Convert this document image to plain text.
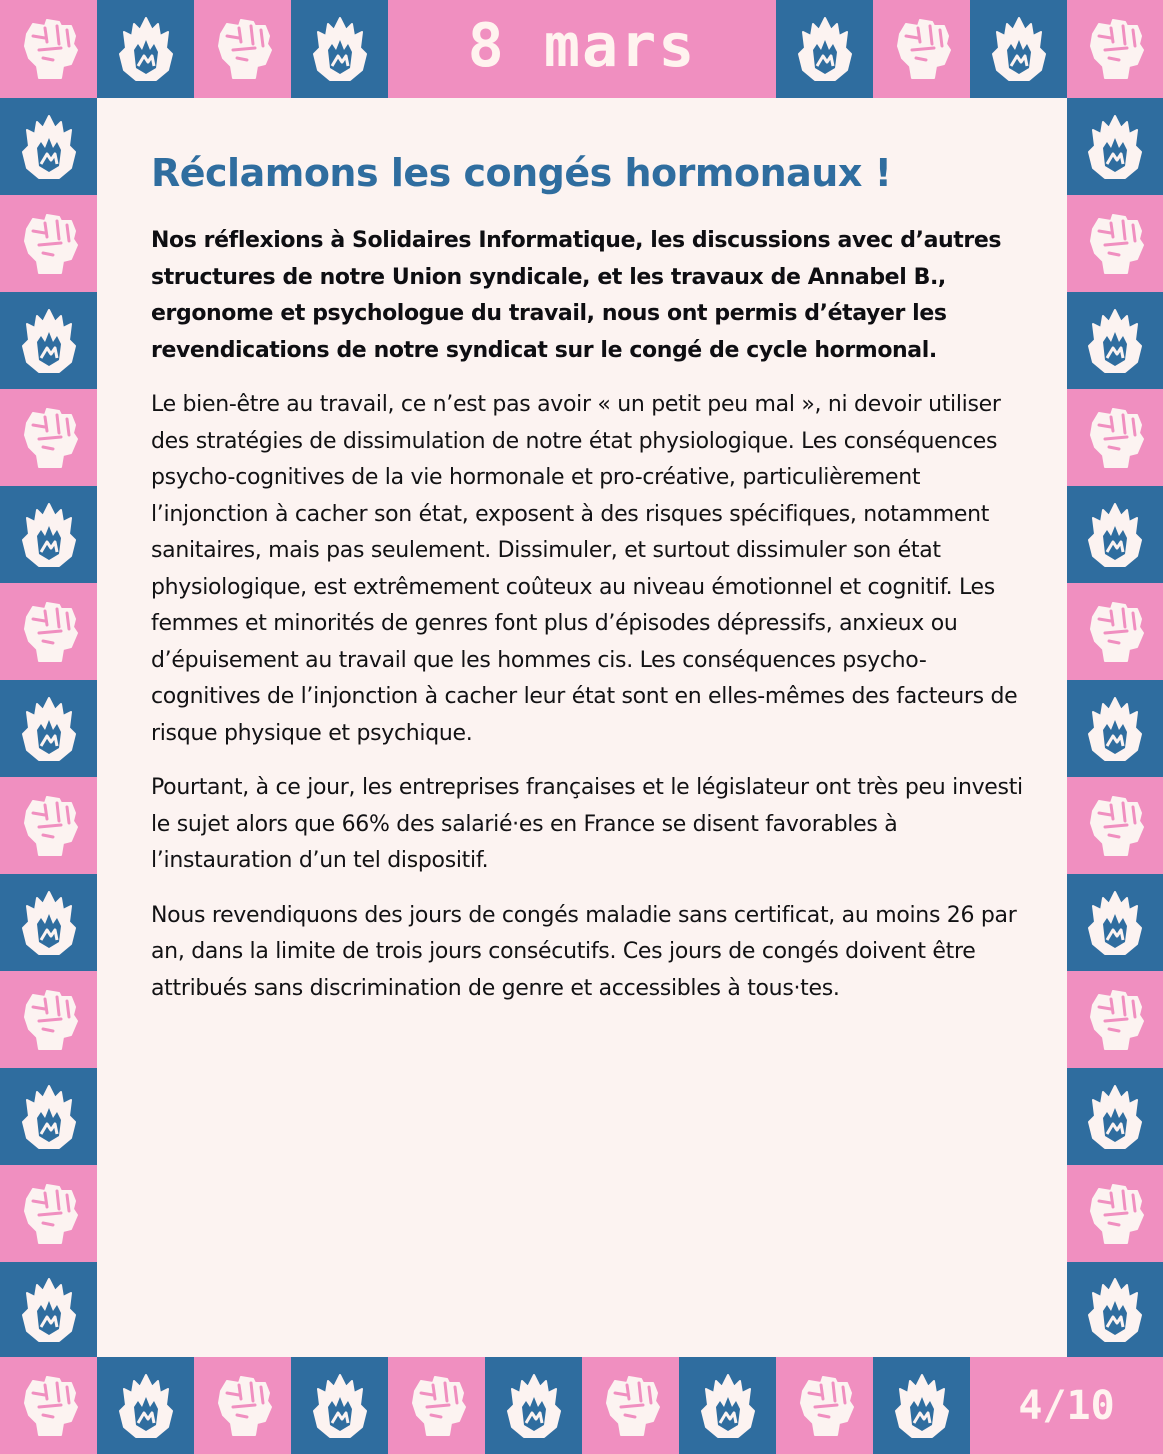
8 mars
4/10
Réclamons les congés hormonaux !

Nos réflexions à Solidaires Informatique, les discussions avec d’autres structures de notre Union syndicale, et les travaux de Annabel B., ergonome et psychologue du travail, nous ont permis d’étayer les revendications de notre syndicat sur le congé de cycle hormonal.

Le bien-être au travail, ce n’est pas avoir « un petit peu mal », ni devoir utiliser des stratégies de dissimulation de notre état physiologique. Les conséquences psycho-cognitives de la vie hormonale et pro-créative, particulièrement l’injonction à cacher son état, exposent à des risques spécifiques, notamment sanitaires, mais pas seulement. Dissimuler, et surtout dissimuler son état physiologique, est extrêmement coûteux au niveau émotionnel et cognitif. Les femmes et minorités de genres font plus d’épisodes dépressifs, anxieux ou d’épuisement au travail que les hommes cis. Les conséquences psycho-cognitives de l’injonction à cacher leur état sont en elles-mêmes des facteurs de risque physique et psychique.

Pourtant, à ce jour, les entreprises françaises et le législateur ont très peu investi le sujet alors que 66% des salarié·es en France se disent favorables à l’instauration d’un tel dispositif.

Nous revendiquons des jours de congés maladie sans certificat, au moins 26 par an, dans la limite de trois jours consécutifs. Ces jours de congés doivent être attribués sans discrimination de genre et accessibles à tous·tes.
